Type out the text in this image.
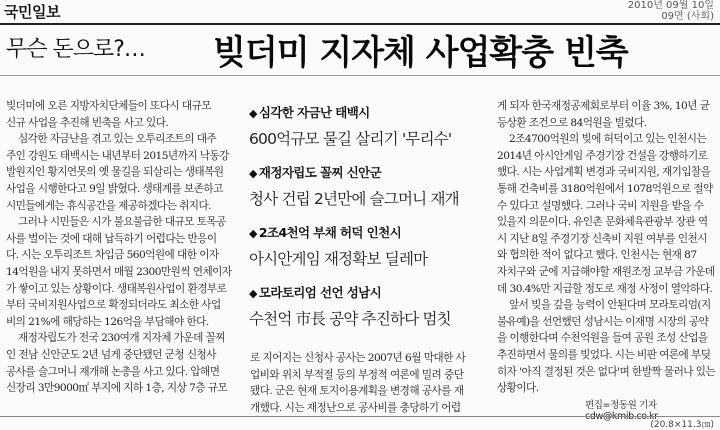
국민일보	2010년 09월 10일
09면 (사회)
무슨 돈으로?… 빚더미 지자체 사업확충 빈축
빚더미에 오른 지방자치단체들이 또다시 대규모
신규 사업을 추진해 빈축을 사고 있다.
심각한 자금난을 겪고 있는 오투리조트의 대주
주인 강원도 태백시는 내년부터 2015년까지 낙동강
발원지인 황지연못의 옛 물길을 되살리는 생태복원
사업을 시행한다고 9일 밝혔다. 생태계를 보존하고
시민들에게는 휴식공간을 제공하겠다는 취지다.
그러나 시민들은 시가 불요불급한 대규모 토목공
사를 벌이는 것에 대해 납득하기 어렵다는 반응이
다. 시는 오투리조트 차입금 560억원에 대한 이자
14억원을 내지 못하면서 매월 2300만원씩 연체이자
가 쌓이고 있는 상황이다. 생태복원사업이 환경부로
부터 국비지원사업으로 확정되더라도 최소한 사업
비의 21%에 해당하는 126억을 부담해야 한다.
재정자립도가 전국 230여개 지자체 가운데 꼴찌
인 전남 신안군도 2년 넘게 중단됐던 군청 신청사
공사를 슬그머니 재개해 논총을 사고 있다. 압해면
신장리 3만9000㎡ 부지에 지하 1층, 지상 7층 규모
◆ 심각한 자금난 태백시
600억규모 물길 살리기 '무리수'
◆ 재정자립도 꼴찌 신안군
청사 건립 2년만에 슬그머니 재개
◆ 2조4천억 부채 허덕 인천시
아시안게임 재정확보 딜레마
◆ 모라토리엄 선언 성남시
수천억 市長 공약 추진하다 멈칫
로 지어지는 신청사 공사는 2007년 6월 막대한 사
업비와 위치 부적절 등의 부정적 여론에 밀려 중단
됐다. 군은 현재 토지이용계획을 변경해 공사를 재
개했다. 시는 재정난으로 공사비를 충당하기 어렵
게 되자 한국재정공제회로부터 이율 3%, 10년 균
등상환 조건으로 84억원을 빌렸다.
2조4700억원의 빚에 허덕이고 있는 인천시는
2014년 아시안게임 주경기장 건설을 강행하기로
했다. 시는 사업계획 변경과 국비지원, 재기입찰을
통해 건축비를 3180억원에서 1078억원으로 절약
수 있다고 설명했다. 그러나 국비 지원을 받을 수
있을지 의문이다. 유인촌 문화체육관광부 장관 역
시 지난 8일 주경기장 신축비 지원 여부를 인천시
와 협의한 적이 없다고 했다. 인천시는 현재 87
자치구와 군에 지급해야할 재원조정 교부금 가운데
데 30.4%만 지급할 정도로 재정 사정이 열악하다.
앞서 빚을 갚을 능력이 안된다며 모라토리엄(지
불유예)을 선언했던 성남시는 이재명 시장의 공약
을 이행한다며 수천억원을 들여 공원 조성 산업을
추진하면서 물의를 빚었다. 시는 비판 여론에 부딪
히자 '아직 결정된 것은 없다'며 한발짝 물러나 있는
상황이다.
편집=정동원 기자
(20.8×11.3㎝)
